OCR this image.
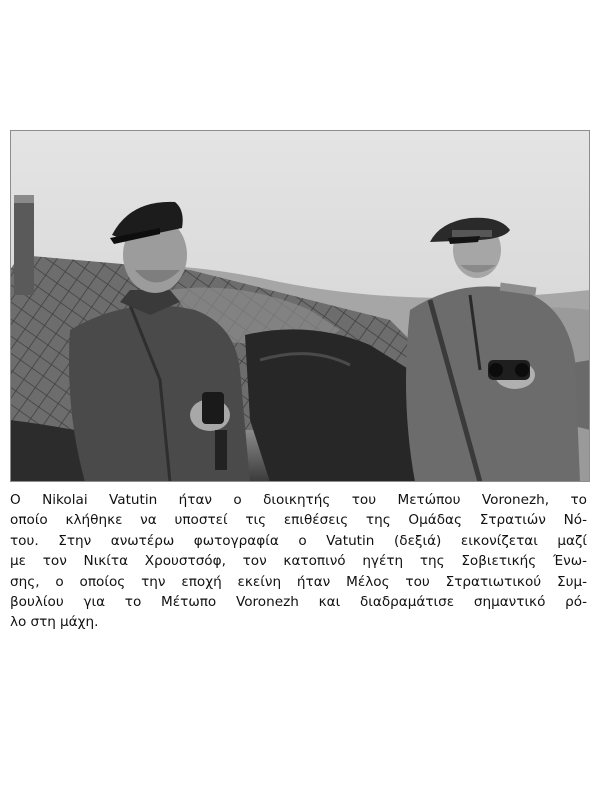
Ο Nikolai Vatutin ήταν ο διοικητής του Μετώπου Voronezh, το
οποίο κλήθηκε να υποστεί τις επιθέσεις της Ομάδας Στρατιών Νό-
του. Στην ανωτέρω φωτογραφία ο Vatutin (δεξιά) εικονίζεται μαζί
με τον Νικίτα Χρουστσόφ, τον κατοπινό ηγέτη της Σοβιετικής Ένω-
σης, ο οποίος την εποχή εκείνη ήταν Μέλος του Στρατιωτικού Συμ-
βουλίου για το Μέτωπο Voronezh και διαδραμάτισε σημαντικό ρό-
λο στη μάχη.
